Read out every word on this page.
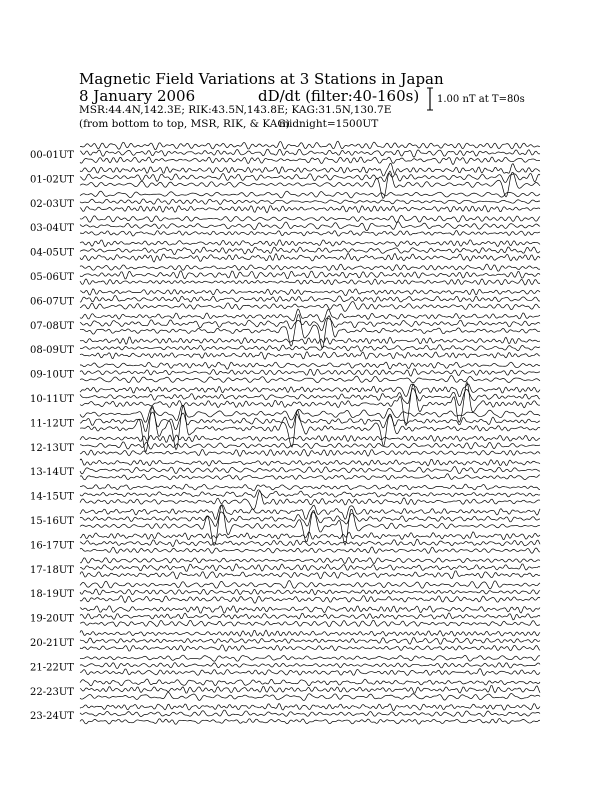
Magnetic Field Variations at 3 Stations in Japan
8 January 2006	dD/dt (filter:40-160s)
MSR:44.4N,142.3E; RIK:43.5N,143.8E; KAG:31.5N,130.7E
(from bottom to top, MSR, RIK, & KAG)
midnight=1500UT
1.00 nT at T=80s
00-01UT
01-02UT
02-03UT
03-04UT
04-05UT
05-06UT
06-07UT
07-08UT
08-09UT
09-10UT
10-11UT
11-12UT
12-13UT
13-14UT
14-15UT
15-16UT
16-17UT
17-18UT
18-19UT
19-20UT
20-21UT
21-22UT
22-23UT
23-24UT
